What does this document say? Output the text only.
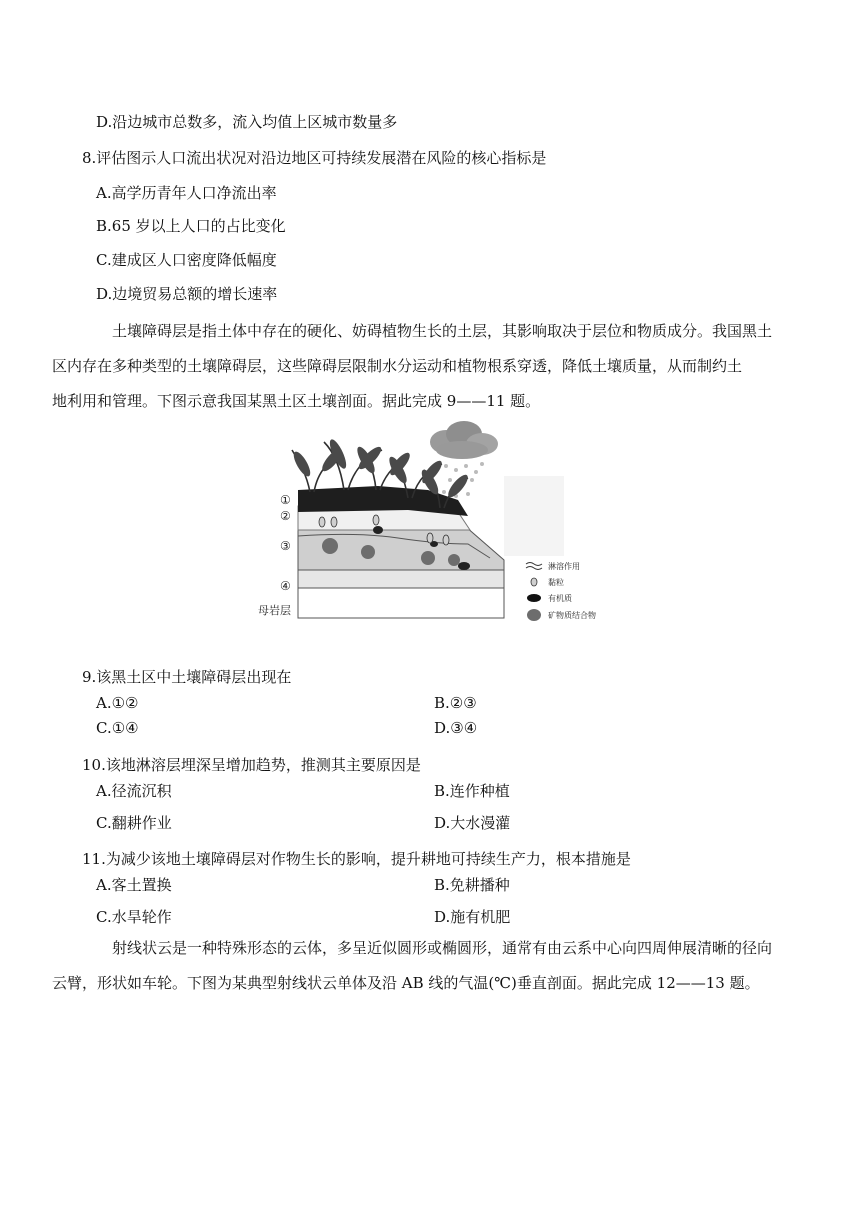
D.沿边城市总数多，流入均值上区城市数量多
8.评估图示人口流出状况对沿边地区可持续发展潜在风险的核心指标是
A.高学历青年人口净流出率
B.65 岁以上人口的占比变化
C.建成区人口密度降低幅度
D.边境贸易总额的增长速率
土壤障碍层是指土体中存在的硬化、妨碍植物生长的土层，其影响取决于层位和物质成分。我国黑土
区内存在多种类型的土壤障碍层，这些障碍层限制水分运动和植物根系穿透，降低土壤质量，从而制约土
地利用和管理。下图示意我国某黑土区土壤剖面。据此完成 9——11 题。
①
②
③
④
母岩层
淋溶作用
黏粒
有机质
矿物质结合物
9.该黑土区中土壤障碍层出现在
A.①②	B.②③
C.①④	D.③④
10.该地淋溶层埋深呈增加趋势，推测其主要原因是
A.径流沉积	B.连作种植
C.翻耕作业	D.大水漫灌
11.为减少该地土壤障碍层对作物生长的影响，提升耕地可持续生产力，根本措施是
A.客土置换	B.免耕播种
C.水旱轮作	D.施有机肥
射线状云是一种特殊形态的云体，多呈近似圆形或椭圆形，通常有由云系中心向四周伸展清晰的径向
云臂，形状如车轮。下图为某典型射线状云单体及沿 AB 线的气温(℃)垂直剖面。据此完成 12——13 题。
